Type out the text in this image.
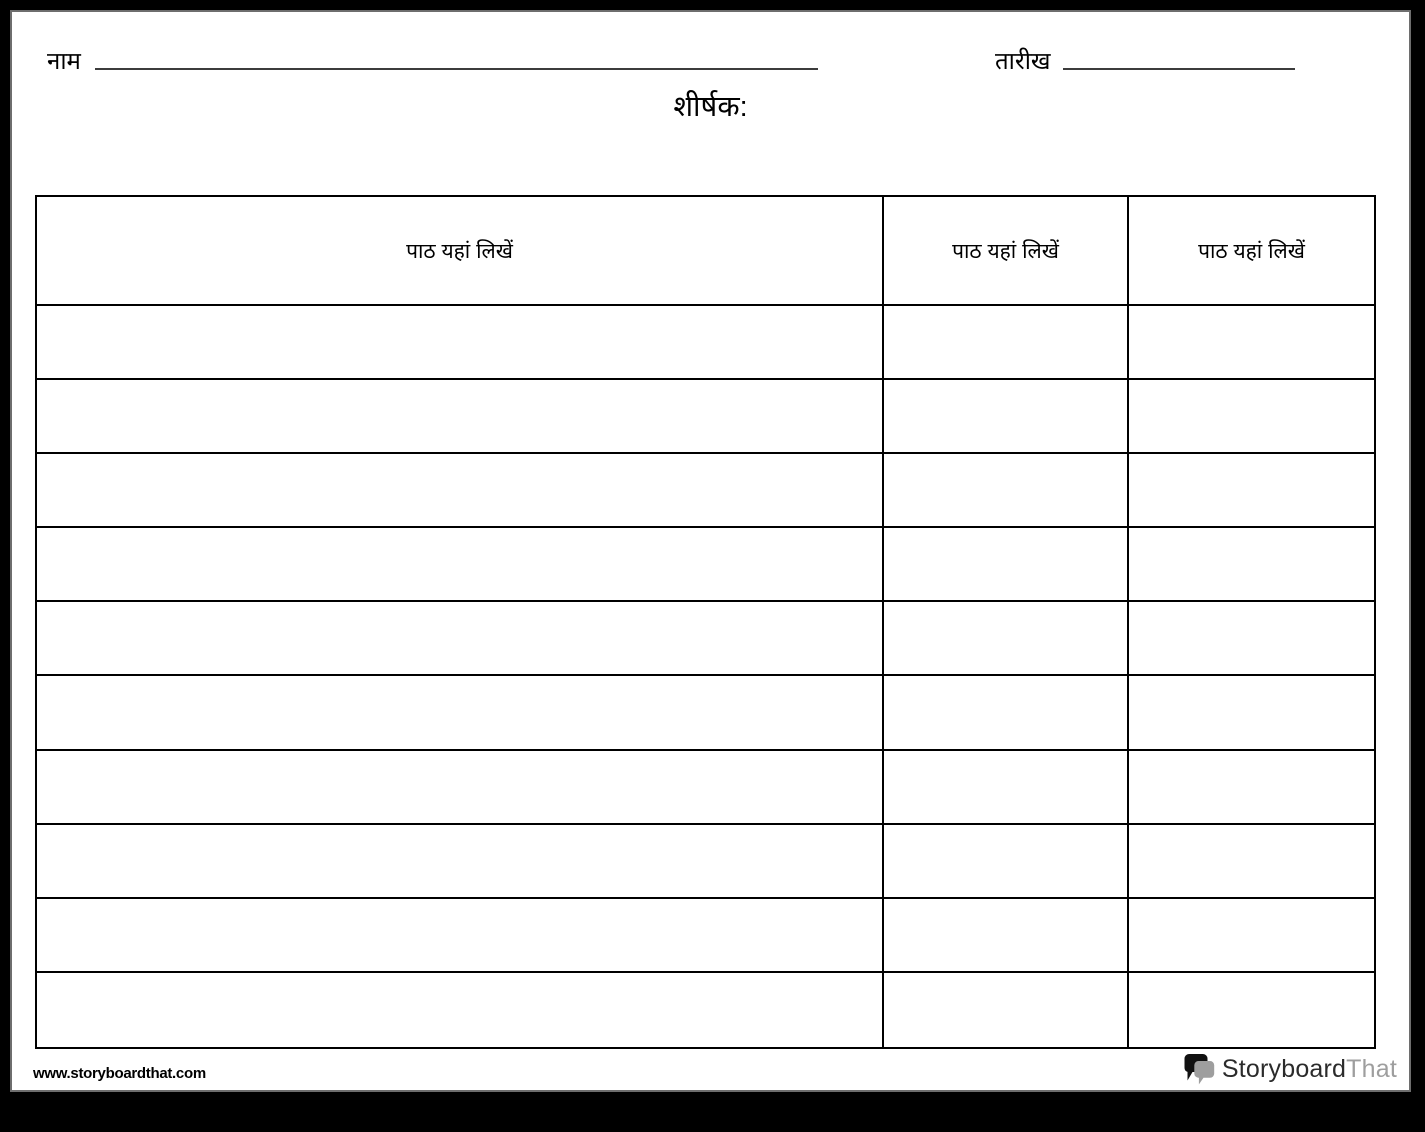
नाम	तारीख
शीर्षक:
पाठ यहां लिखें	पाठ यहां लिखें	पाठ यहां लिखें
www.storyboardthat.com	StoryboardThat
